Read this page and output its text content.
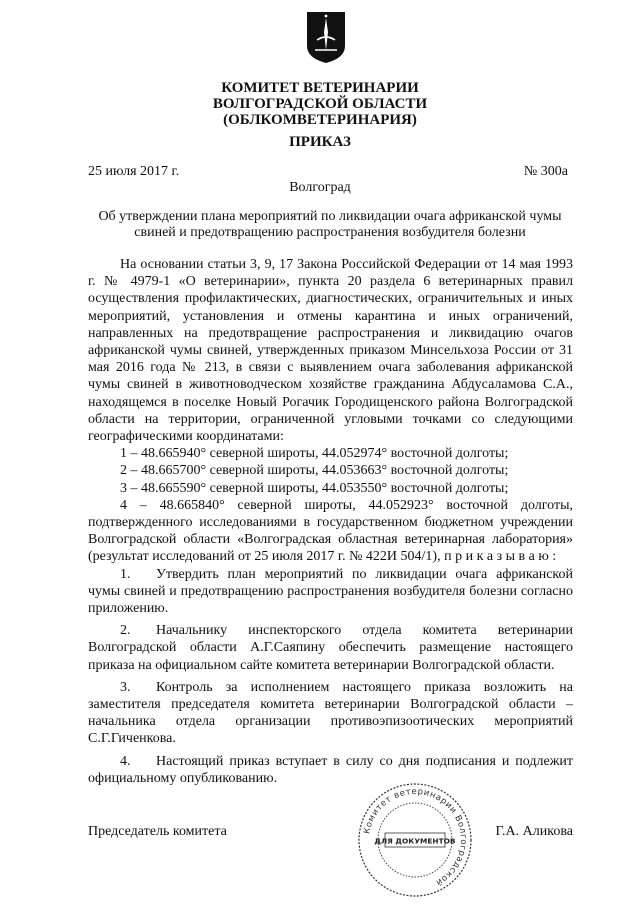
КОМИТЕТ ВЕТЕРИНАРИИ
ВОЛГОГРАДСКОЙ ОБЛАСТИ
(ОБЛКОМВЕТЕРИНАРИЯ)
ПРИКАЗ
25 июля 2017 г.	№ 300а
Волгоград
Об утверждении плана мероприятий по ликвидации очага африканской чумы свиней и предотвращению распространения возбудителя болезни

На основании статьи 3, 9, 17 Закона Российской Федерации от 14 мая 1993 г. № 4979-1 «О ветеринарии», пункта 20 раздела 6 ветеринарных правил осуществления профилактических, диагностических, ограничительных и иных мероприятий, установления и отмены карантина и иных ограничений, направленных на предотвращение распространения и ликвидацию очагов африканской чумы свиней, утвержденных приказом Минсельхоза России от 31 мая 2016 года № 213, в связи с выявлением очага заболевания африканской чумы свиней в животноводческом хозяйстве гражданина Абдусаламова С.А., находящемся в поселке Новый Рогачик Городищенского района Волгоградской области на территории, ограниченной угловыми точками со следующими географическими координатами:

1 – 48.665940° северной широты, 44.052974° восточной долготы;

2 – 48.665700° северной широты, 44.053663° восточной долготы;

3 – 48.665590° северной широты, 44.053550° восточной долготы;

4 – 48.665840° северной широты, 44.052923° восточной долготы, подтвержденного исследованиями в государственном бюджетном учреждении Волгоградской области «Волгоградская областная ветеринарная лаборатория» (результат исследований от 25 июля 2017 г. № 422И 504/1), п р и к а з ы в а ю :

1. Утвердить план мероприятий по ликвидации очага африканской чумы свиней и предотвращению распространения возбудителя болезни согласно приложению.

2. Начальнику инспекторского отдела комитета ветеринарии Волгоградской области А.Г.Саяпину обеспечить размещение настоящего приказа на официальном сайте комитета ветеринарии Волгоградской области.

3. Контроль за исполнением настоящего приказа возложить на заместителя председателя комитета ветеринарии Волгоградской области – начальника отдела организации противоэпизоотических мероприятий С.Г.Гиченкова.

4. Настоящий приказ вступает в силу со дня подписания и подлежит официальному опубликованию.

Председатель комитета	Г.А. Аликова
Комитет ветеринарии Волгоградской
ДЛЯ ДОКУМЕНТОВ
